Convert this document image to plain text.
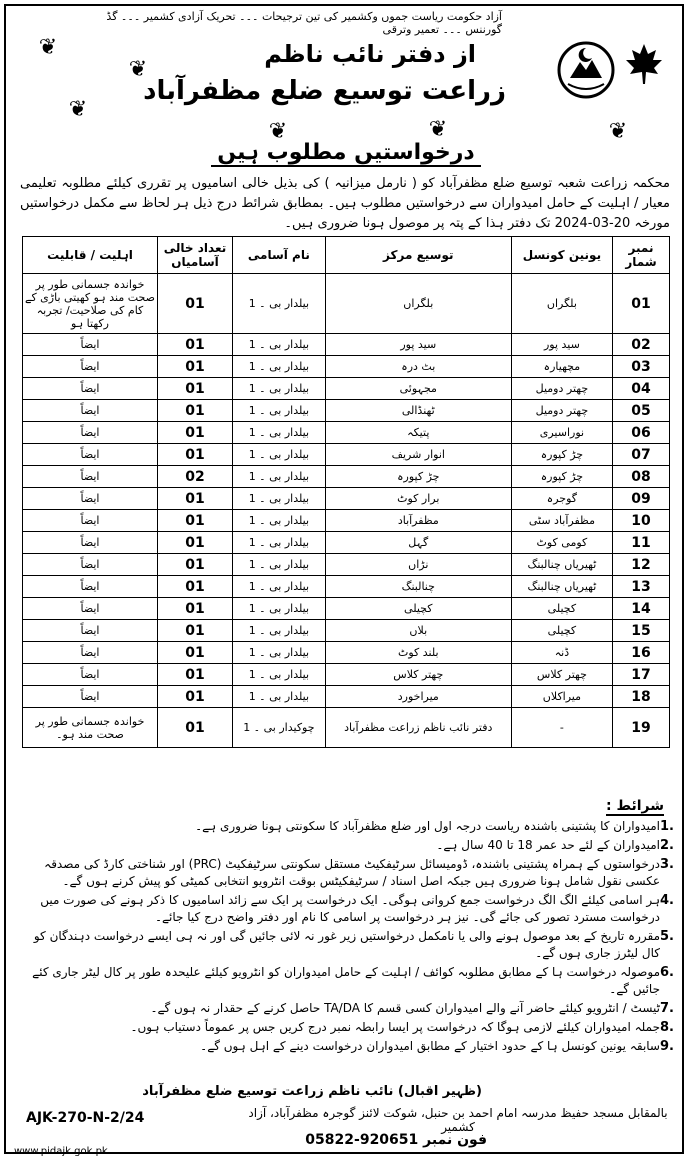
آزاد حکومت ریاست جموں وکشمیر کی تین ترجیحات ۔۔۔ تحریک آزادی کشمیر ۔۔۔ گڈ گورننس ۔۔۔ تعمیر وترقی
❦
❦
❦
❦	❦	❦
از دفتر نائب ناظم
زراعت توسیع ضلع مظفرآباد
درخواستیں مطلوب ہیں
محکمہ زراعت شعبہ توسیع ضلع مظفرآباد کو ( نارمل میزانیہ ) کی بذیل خالی اسامیوں پر تقرری کیلئے مطلوبہ تعلیمی معیار / اہلیت کے حامل امیدواران سے درخواستیں مطلوب ہیں۔ بمطابق شرائط درج ذیل ہر لحاظ سے مکمل درخواستیں مورخہ 20-03-2024 تک دفتر ہذا کے پتہ پر موصول ہونا ضروری ہیں۔
نمبر شمار	یونین کونسل	توسیع مرکز	نام آسامی	تعداد خالی آسامیاں	اہلیت / قابلیت
01	بلگراں	بلگراں	بیلدار بی ۔ 1	01	خواندہ جسمانی طور پر صحت مند ہو کھیتی باڑی کے کام کی صلاحیت/ تجربہ رکھتا ہو
02	سید پور	سید پور	بیلدار بی ۔ 1	01	ایضاً
03	مچھیارہ	بٹ درہ	بیلدار بی ۔ 1	01	ایضاً
04	چھتر دومیل	مجہوئی	بیلدار بی ۔ 1	01	ایضاً
05	چھتر دومیل	ٹھنڈالی	بیلدار بی ۔ 1	01	ایضاً
06	نوراسیری	پتیکہ	بیلدار بی ۔ 1	01	ایضاً
07	چڑ کپورہ	انوار شریف	بیلدار بی ۔ 1	01	ایضاً
08	چڑ کپورہ	چڑ کپورہ	بیلدار بی ۔ 1	02	ایضاً
09	گوجرہ	برار کوٹ	بیلدار بی ۔ 1	01	ایضاً
10	مظفرآباد سٹی	مظفرآباد	بیلدار بی ۔ 1	01	ایضاً
11	کومی کوٹ	گہل	بیلدار بی ۔ 1	01	ایضاً
12	ٹھیریاں چنالبنگ	نڑاں	بیلدار بی ۔ 1	01	ایضاً
13	ٹھیریاں چنالبنگ	چنالبنگ	بیلدار بی ۔ 1	01	ایضاً
14	کچیلی	کچیلی	بیلدار بی ۔ 1	01	ایضاً
15	کچیلی	بلاں	بیلدار بی ۔ 1	01	ایضاً
16	ڈنہ	بلند کوٹ	بیلدار بی ۔ 1	01	ایضاً
17	چھتر کلاس	چھتر کلاس	بیلدار بی ۔ 1	01	ایضاً
18	میراکلاں	میراخورد	بیلدار بی ۔ 1	01	ایضاً
19	-	دفتر نائب ناظم زراعت مظفرآباد	چوکیدار بی ۔ 1	01	خواندہ جسمانی طور پر صحت مند ہو۔
شرائط :
1.
امیدواران کا پشتینی باشندہ ریاست درجہ اول اور ضلع مظفرآباد کا سکونتی ہونا ضروری ہے۔
2.
امیدواران کے لئے حد عمر 18 تا 40 سال ہے۔
3.
درخواستوں کے ہمراہ پشتینی باشندہ، ڈومیسائل سرٹیفکیٹ مستقل سکونتی سرٹیفکیٹ (PRC) اور شناختی کارڈ کی مصدقہ عکسی نقول شامل ہونا ضروری ہیں جبکہ اصل اسناد / سرٹیفکیٹس بوقت انٹرویو انتخابی کمیٹی کو پیش کرنے ہوں گے۔
4.
ہر اسامی کیلئے الگ الگ درخواست جمع کروانی ہوگی۔ ایک درخواست پر ایک سے زائد اسامیوں کا ذکر ہونے کی صورت میں درخواست مسترد تصور کی جائے گی۔ نیز ہر درخواست پر اسامی کا نام اور دفتر واضح درج کیا جائے۔
5.
مقررہ تاریخ کے بعد موصول ہونے والی یا نامکمل درخواستیں زیر غور نہ لائی جائیں گی اور نہ ہی ایسے درخواست دہندگان کو کال لیٹرز جاری ہوں گے۔
6.
موصولہ درخواست ہا کے مطابق مطلوبہ کوائف / اہلیت کے حامل امیدواران کو انٹرویو کیلئے علیحدہ طور پر کال لیٹر جاری کئے جائیں گے۔
7.
ٹیسٹ / انٹرویو کیلئے حاضر آنے والے امیدواران کسی قسم کا TA/DA حاصل کرنے کے حقدار نہ ہوں گے۔
8.
جملہ امیدواران کیلئے لازمی ہوگا کہ درخواست پر ایسا رابطہ نمبر درج کریں جس پر عموماً دستیاب ہوں۔
9.
سابقہ یونین کونسل ہا کے حدود اختیار کے مطابق امیدواران درخواست دینے کے اہل ہوں گے۔
(ظہیر اقبال) نائب ناظم زراعت توسیع ضلع مظفرآباد
بالمقابل مسجد حفیظ مدرسہ امام احمد بن حنبل، شوکت لائنز گوجرہ مظفرآباد، آزاد کشمیر
فون نمبر 920651-05822
AJK-270-N-2/24
www.pidajk.gok.pk
